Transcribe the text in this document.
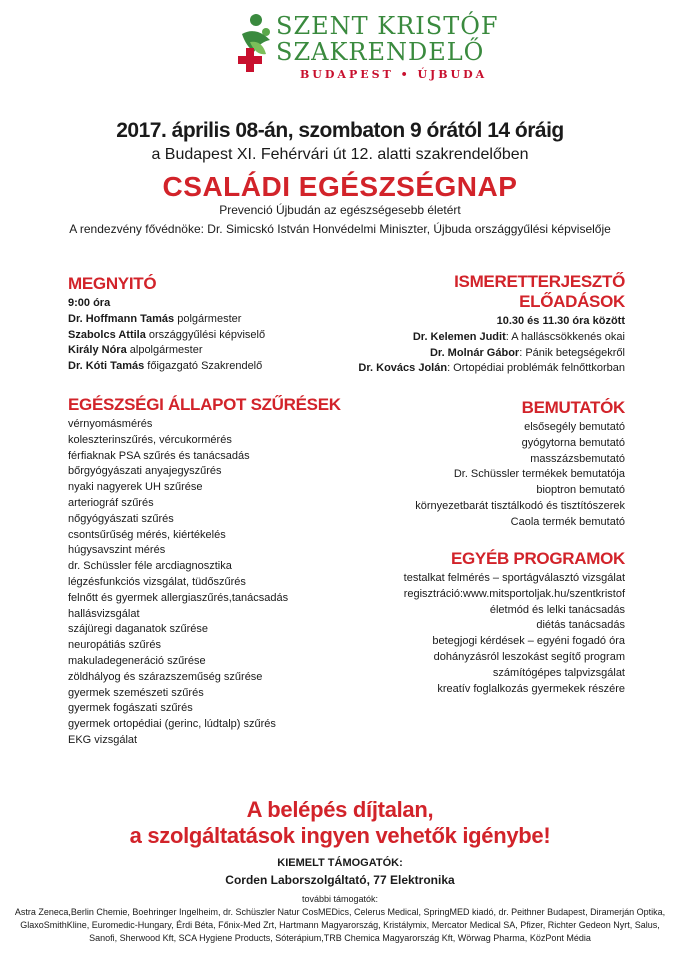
SZENT KRISTÓF
SZAKRENDELŐ
BUDAPEST • ÚJBUDA
2017. április 08-án, szombaton 9 órától 14 óráig
a Budapest XI. Fehérvári út 12. alatti szakrendelőben
CSALÁDI EGÉSZSÉGNAP
Prevenció Újbudán az egészségesebb életért
A rendezvény fővédnöke: Dr. Simicskó István Honvédelmi Miniszter, Újbuda országgyűlési képviselője
MEGNYITÓ
9:00 óra
Dr. Hoffmann Tamás polgármester
Szabolcs Attila országgyűlési képviselő
Király Nóra alpolgármester
Dr. Kóti Tamás főigazgató Szakrendelő
EGÉSZSÉGI ÁLLAPOT SZŰRÉSEK
vérnyomásmérés
koleszterinszűrés, vércukormérés
férfiaknak PSA szűrés és tanácsadás
bőrgyógyászati anyajegyszűrés
nyaki nagyerek UH szűrése
arteriográf szűrés
nőgyógyászati szűrés
csontsűrűség mérés, kiértékelés
húgysavszint mérés
dr. Schüssler féle arcdiagnosztika
légzésfunkciós vizsgálat, tüdőszűrés
felnőtt és gyermek allergiaszűrés,tanácsadás
hallásvizsgálat
szájüregi daganatok szűrése
neuropátiás szűrés
makuladegeneráció szűrése
zöldhályog és szárazszeműség szűrése
gyermek szemészeti szűrés
gyermek fogászati szűrés
gyermek ortopédiai (gerinc, lúdtalp) szűrés
EKG vizsgálat
ISMERETTERJESZTŐ
ELŐADÁSOK
10.30 és 11.30 óra között
Dr. Kelemen Judit: A halláscsökkenés okai
Dr. Molnár Gábor: Pánik betegségekről
Dr. Kovács Jolán: Ortopédiai problémák felnőttkorban
BEMUTATÓK
elsősegély bemutató
gyógytorna bemutató
masszázsbemutató
Dr. Schüssler termékek bemutatója
bioptron bemutató
környezetbarát tisztálkodó és tisztítószerek
Caola termék bemutató
EGYÉB PROGRAMOK
testalkat felmérés – sportágválasztó vizsgálat
regisztráció:www.mitsportoljak.hu/szentkristof
életmód és lelki tanácsadás
diétás tanácsadás
betegjogi kérdések – egyéni fogadó óra
dohányzásról leszokást segítő program
számítógépes talpvizsgálat
kreatív foglalkozás gyermekek részére
A belépés díjtalan,
a szolgáltatások ingyen vehetők igénybe!
KIEMELT TÁMOGATÓK:
Corden Laborszolgáltató, 77 Elektronika
további támogatók:
Astra Zeneca,Berlin Chemie, Boehringer Ingelheim, dr. Schüszler Natur CosMEDics, Celerus Medical, SpringMED kiadó, dr. Peithner Budapest, Diramerján Optika,
GlaxoSmithKline, Euromedic-Hungary, Érdi Béta, Főnix-Med Zrt, Hartmann Magyarország, Kristálymix, Mercator Medical SA, Pfizer, Richter Gedeon Nyrt, Salus,
Sanofi, Sherwood Kft, SCA Hygiene Products, Sóterápium,TRB Chemica Magyarország Kft, Wörwag Pharma, KözPont Média
